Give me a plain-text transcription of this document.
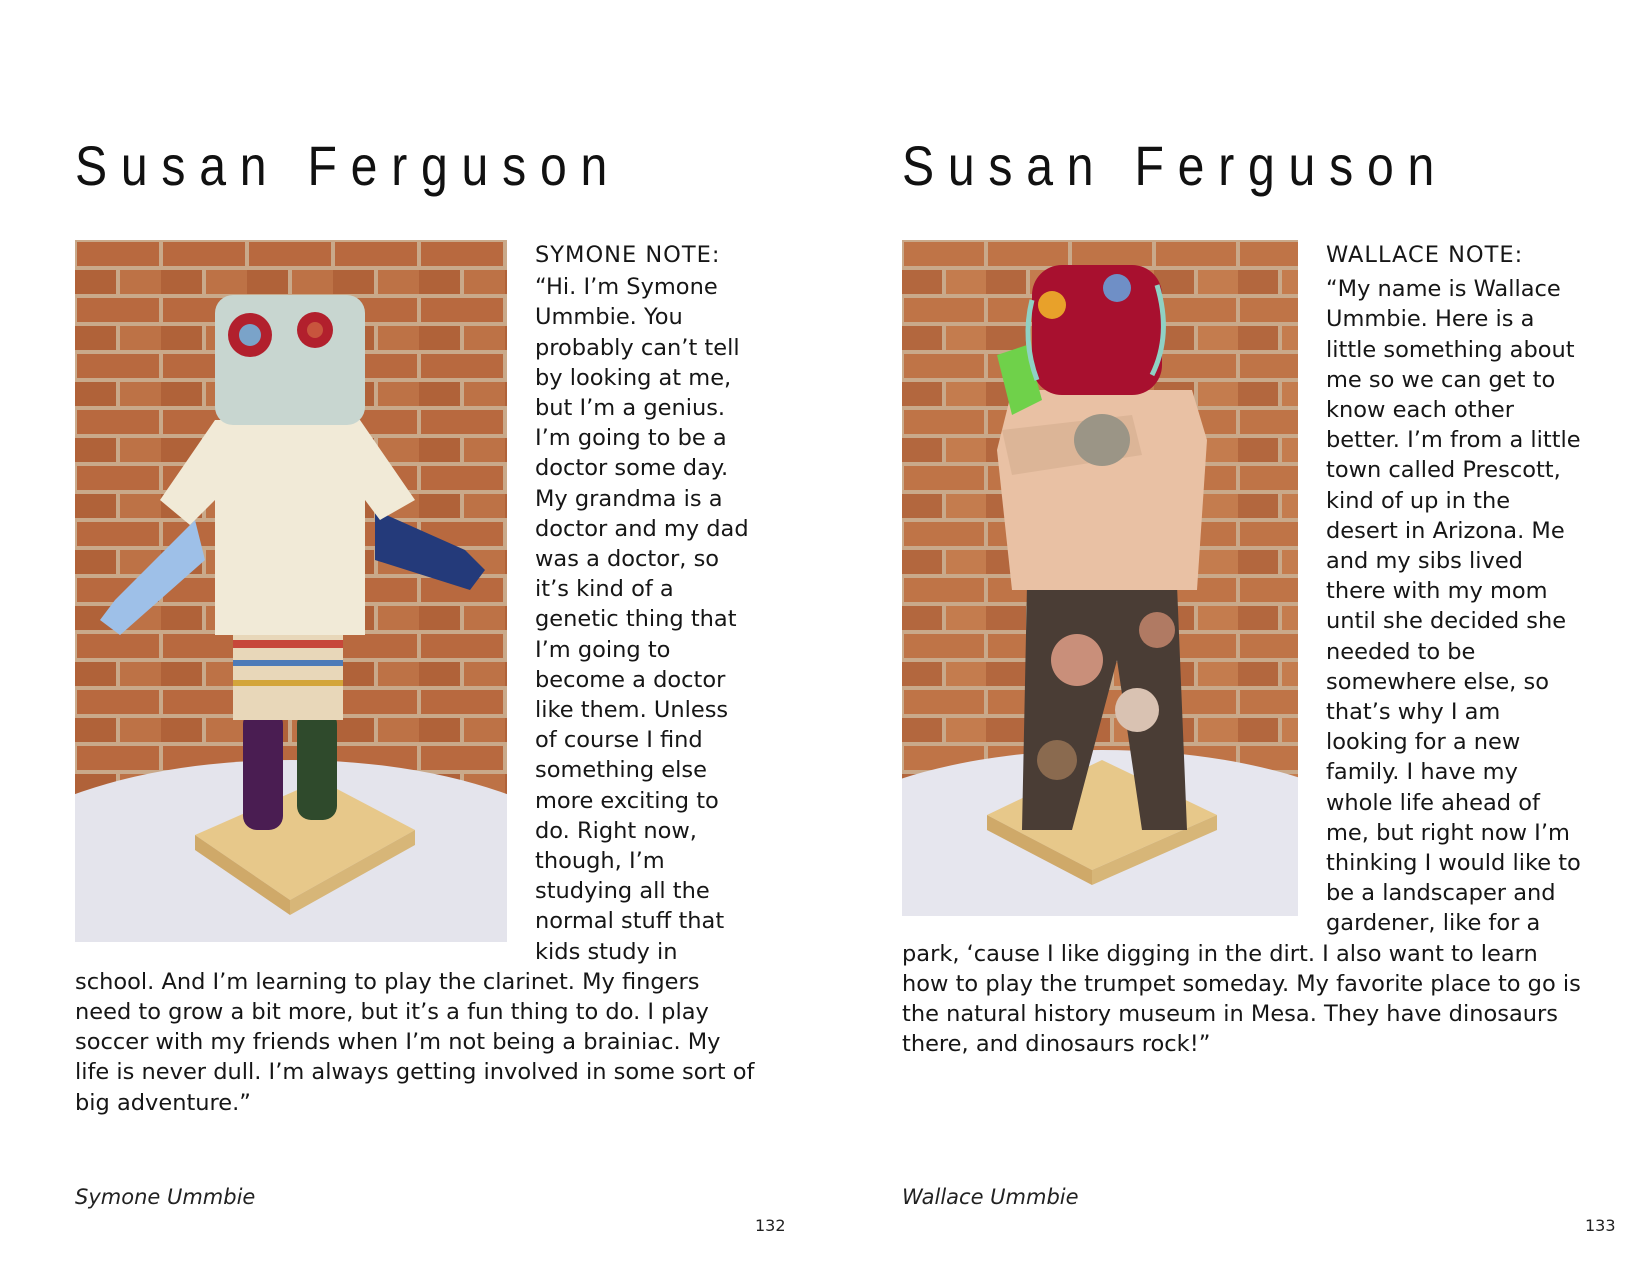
Susan Ferguson
SYMONE NOTE:
“Hi. I’m Symone Ummbie. You probably can’t tell by looking at me, but I’m a genius. I’m going to be a doctor some day. My grandma is a doctor and my dad was a doctor, so it’s kind of a genetic thing that I’m going to become a doctor like them. Unless of course I find something else more exciting to do. Right now, though, I’m studying all the normal stuff that kids study in school. And I’m learning to play the clarinet. My fingers need to grow a bit more, but it’s a fun thing to do. I play soccer with my friends when I’m not being a brainiac. My life is never dull. I’m always getting involved in some sort of big adventure.”

Symone Ummbie

132

Susan Ferguson
WALLACE NOTE:
“My name is Wallace Ummbie. Here is a little something about me so we can get to know each other better. I’m from a little town called Prescott, kind of up in the desert in Arizona. Me and my sibs lived there with my mom until she decided she needed to be somewhere else, so that’s why I am looking for a new family. I have my whole life ahead of me, but right now I’m thinking I would like to be a landscaper and gardener, like for a park, ‘cause I like digging in the dirt. I also want to learn how to play the trumpet someday. My favorite place to go is the natural history museum in Mesa. They have dinosaurs there, and dinosaurs rock!”

Wallace Ummbie

133
